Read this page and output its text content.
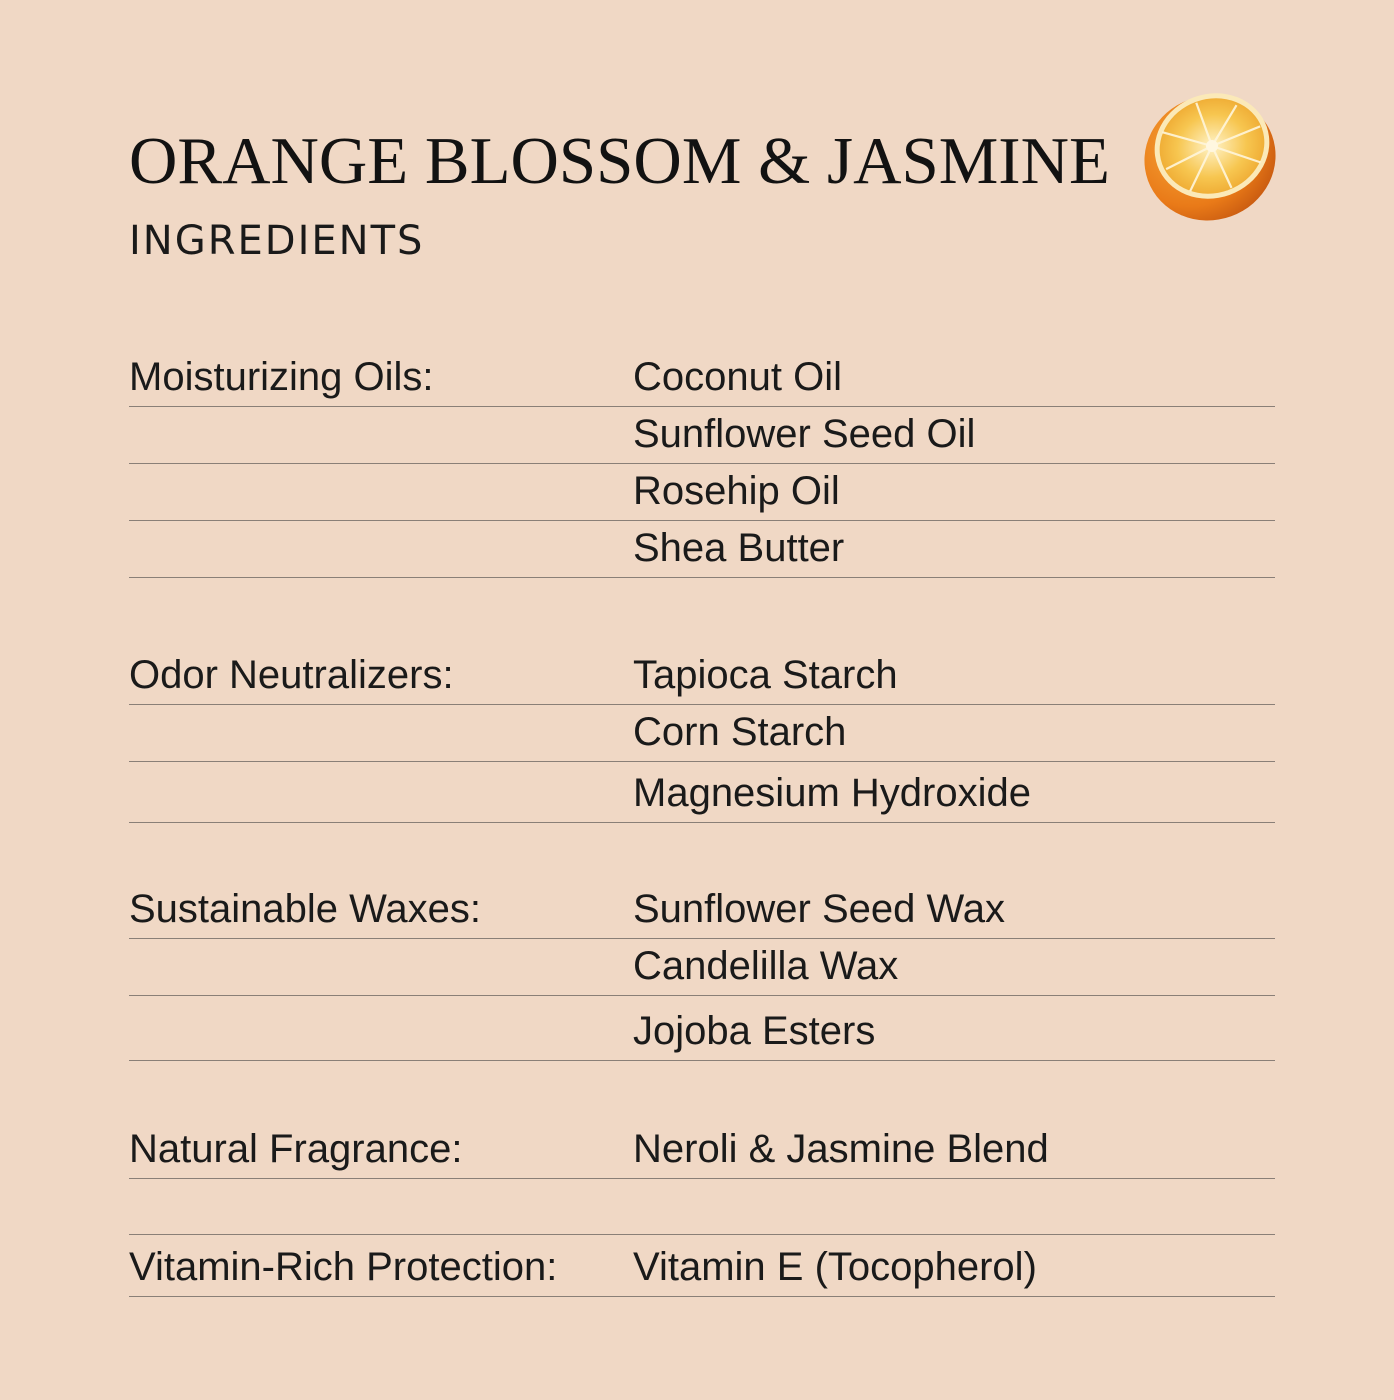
ORANGE BLOSSOM & JASMINE
INGREDIENTS
Moisturizing Oils:	Coconut Oil
Sunflower Seed Oil
Rosehip Oil
Shea Butter
Odor Neutralizers:	Tapioca Starch
Corn Starch
Magnesium Hydroxide
Sustainable Waxes:	Sunflower Seed Wax
Candelilla Wax
Jojoba Esters
Natural Fragrance:	Neroli & Jasmine Blend
Vitamin-Rich Protection: Vitamin E (Tocopherol)
